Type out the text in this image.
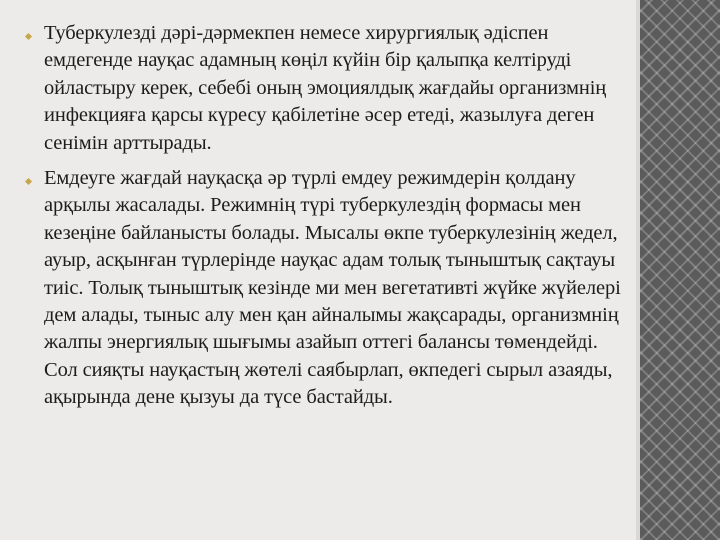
Туберкулезді дәрі-дәрмекпен немесе хирургиялық әдіспен емдегенде науқас адамның көңіл күйін бір қалыпқа келтіруді ойластыру керек, себебі оның эмоциялдық жағдайы организмнің инфекцияға қарсы күресу қабілетіне әсер етеді, жазылуға деген сенімін арттырады.

Емдеуге жағдай науқасқа әр түрлі емдеу режимдерін қолдану арқылы жасалады. Режимнің түрі туберкулездің формасы мен кезеңіне байланысты болады. Мысалы өкпе туберкулезінің жедел, ауыр, асқынған түрлерінде науқас адам толық тыныштық сақтауы тиіс. Толық тыныштық кезінде ми мен вегетативті жүйке жүйелері дем алады, тыныс алу мен қан айналымы жақсарады, организмнің жалпы энергиялық шығымы азайып оттегі балансы төмендейді. Сол сияқты науқастың жөтелі саябырлап, өкпедегі сырыл азаяды, ақырында дене қызуы да түсе бастайды.
